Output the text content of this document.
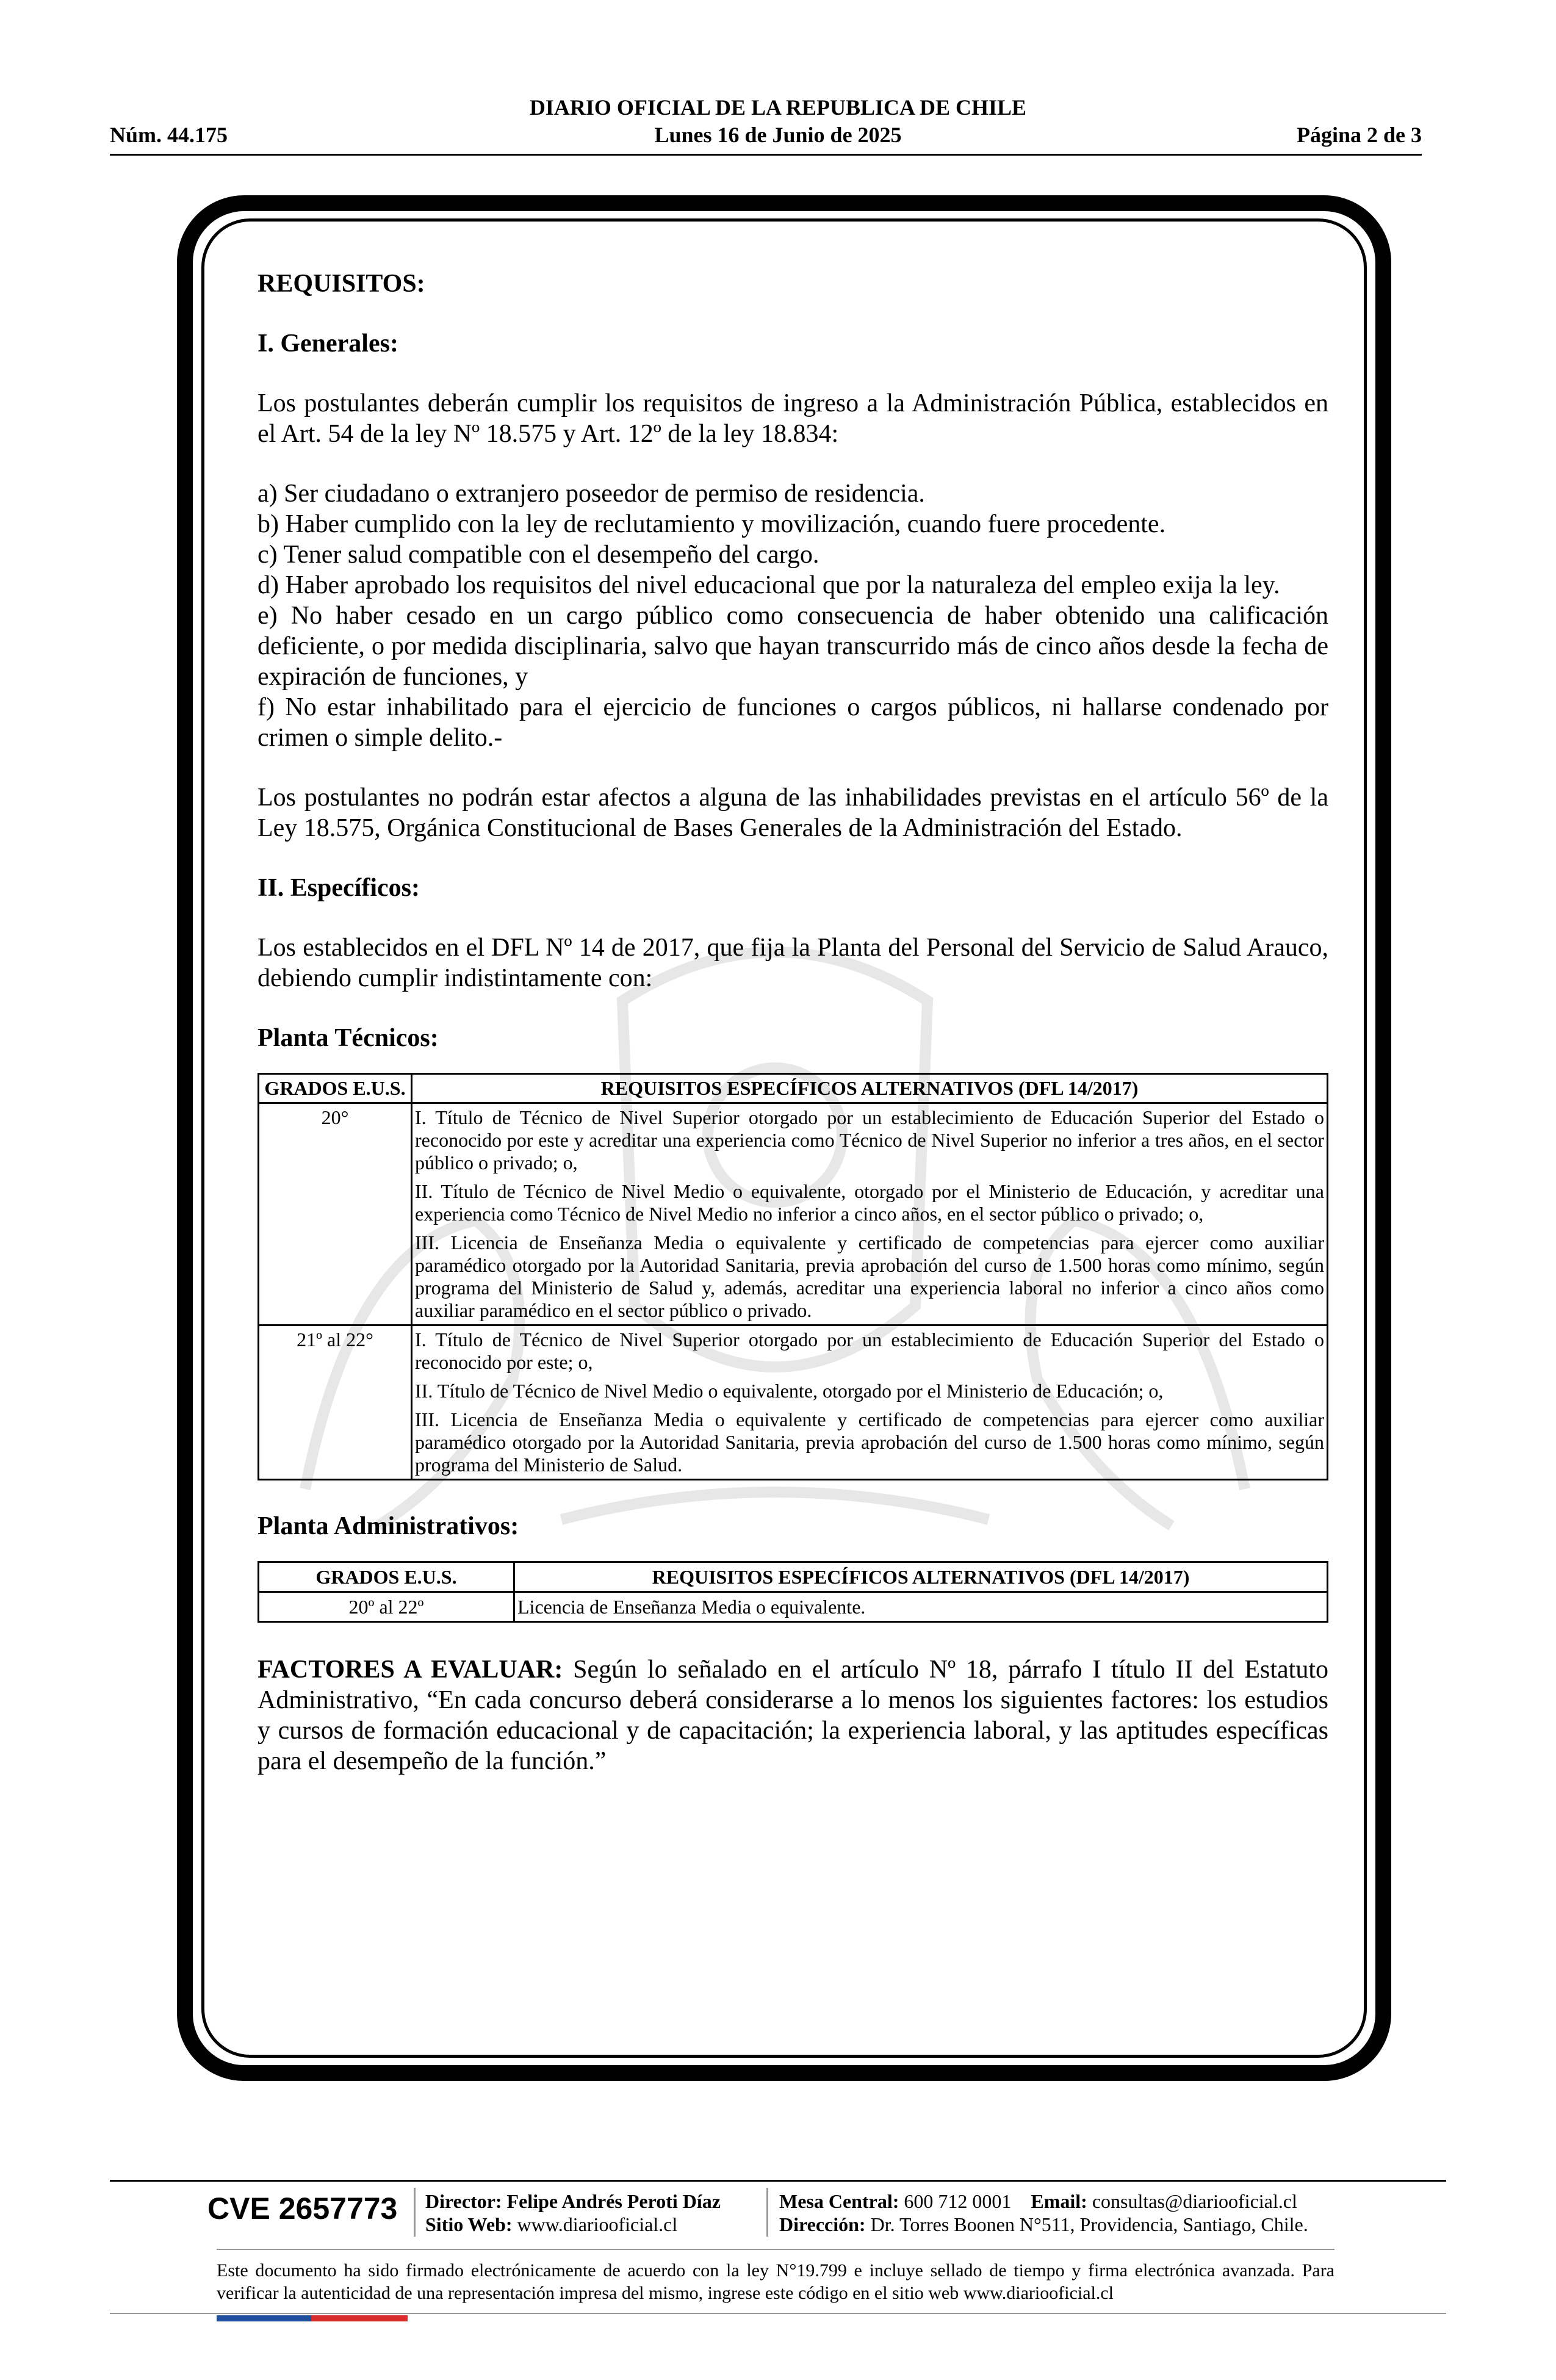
DIARIO OFICIAL DE LA REPUBLICA DE CHILE
Núm. 44.175	Lunes 16 de Junio de 2025	Página 2 de 3

REQUISITOS:

I. Generales:

Los postulantes deberán cumplir los requisitos de ingreso a la Administración Pública, establecidos en el Art. 54 de la ley Nº 18.575 y Art. 12º de la ley 18.834:

a) Ser ciudadano o extranjero poseedor de permiso de residencia.

b) Haber cumplido con la ley de reclutamiento y movilización, cuando fuere procedente.

c) Tener salud compatible con el desempeño del cargo.

d) Haber aprobado los requisitos del nivel educacional que por la naturaleza del empleo exija la ley.

e) No haber cesado en un cargo público como consecuencia de haber obtenido una calificación deficiente, o por medida disciplinaria, salvo que hayan transcurrido más de cinco años desde la fecha de expiración de funciones, y

f) No estar inhabilitado para el ejercicio de funciones o cargos públicos, ni hallarse condenado por crimen o simple delito.-

Los postulantes no podrán estar afectos a alguna de las inhabilidades previstas en el artículo 56º de la Ley 18.575, Orgánica Constitucional de Bases Generales de la Administración del Estado.

II. Específicos:

Los establecidos en el DFL Nº 14 de 2017, que fija la Planta del Personal del Servicio de Salud Arauco, debiendo cumplir indistintamente con:

Planta Técnicos:

GRADOS E.U.S.	REQUISITOS ESPECÍFICOS ALTERNATIVOS (DFL 14/2017)
20°	I. Título de Técnico de Nivel Superior otorgado por un establecimiento de Educación Superior del Estado o reconocido por este y acreditar una experiencia como Técnico de Nivel Superior no inferior a tres años, en el sector público o privado; o,
II. Título de Técnico de Nivel Medio o equivalente, otorgado por el Ministerio de Educación, y acreditar una experiencia como Técnico de Nivel Medio no inferior a cinco años, en el sector público o privado; o,
III. Licencia de Enseñanza Media o equivalente y certificado de competencias para ejercer como auxiliar paramédico otorgado por la Autoridad Sanitaria, previa aprobación del curso de 1.500 horas como mínimo, según programa del Ministerio de Salud y, además, acreditar una experiencia laboral no inferior a cinco años como auxiliar paramédico en el sector público o privado.

21º al 22°	I. Título de Técnico de Nivel Superior otorgado por un establecimiento de Educación Superior del Estado o reconocido por este; o,
II. Título de Técnico de Nivel Medio o equivalente, otorgado por el Ministerio de Educación; o,
III. Licencia de Enseñanza Media o equivalente y certificado de competencias para ejercer como auxiliar paramédico otorgado por la Autoridad Sanitaria, previa aprobación del curso de 1.500 horas como mínimo, según programa del Ministerio de Salud.

Planta Administrativos:

GRADOS E.U.S.	REQUISITOS ESPECÍFICOS ALTERNATIVOS (DFL 14/2017)
20º al 22º	Licencia de Enseñanza Media o equivalente.

FACTORES A EVALUAR: Según lo señalado en el artículo Nº 18, párrafo I título II del Estatuto Administrativo, “En cada concurso deberá considerarse a lo menos los siguientes factores: los estudios y cursos de formación educacional y de capacitación; la experiencia laboral, y las aptitudes específicas para el desempeño de la función.”

CVE 2657773 Director: Felipe Andrés Peroti Díaz
Sitio Web: www.diariooficial.cl
Mesa Central: 600 712 0001 Email: consultas@diariooficial.cl
Dirección: Dr. Torres Boonen N°511, Providencia, Santiago, Chile.
Este documento ha sido firmado electrónicamente de acuerdo con la ley N°19.799 e incluye sellado de tiempo y firma electrónica avanzada. Para verificar la autenticidad de una representación impresa del mismo, ingrese este código en el sitio web www.diariooficial.cl
